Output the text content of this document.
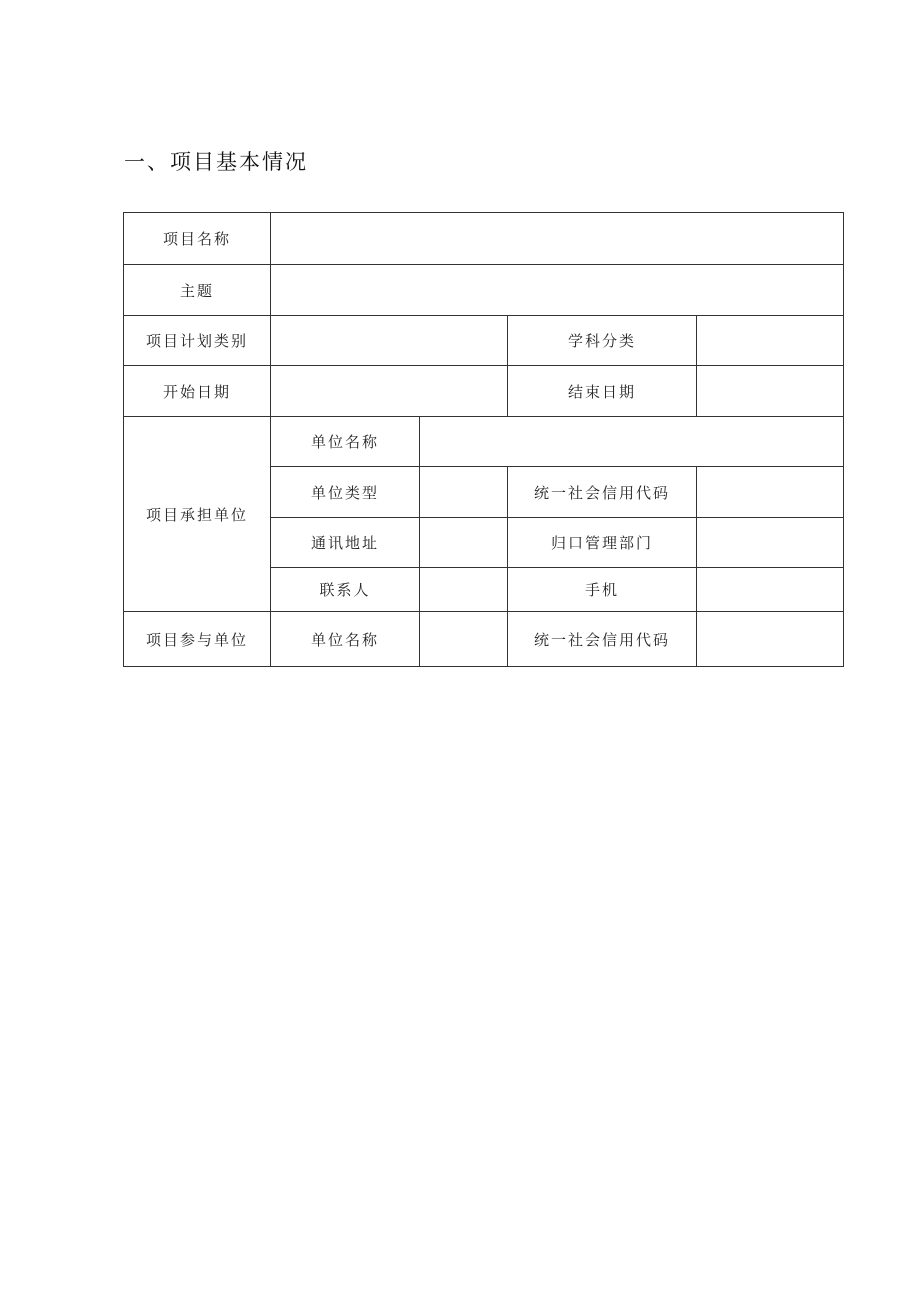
一、项目基本情况
项目名称				
主题				
项目计划类别			学科分类	
开始日期			结束日期	
项目承担单位	单位名称			
	单位类型		统一社会信用代码	
	通讯地址		归口管理部门	
	联系人		手机	
项目参与单位	单位名称		统一社会信用代码	
